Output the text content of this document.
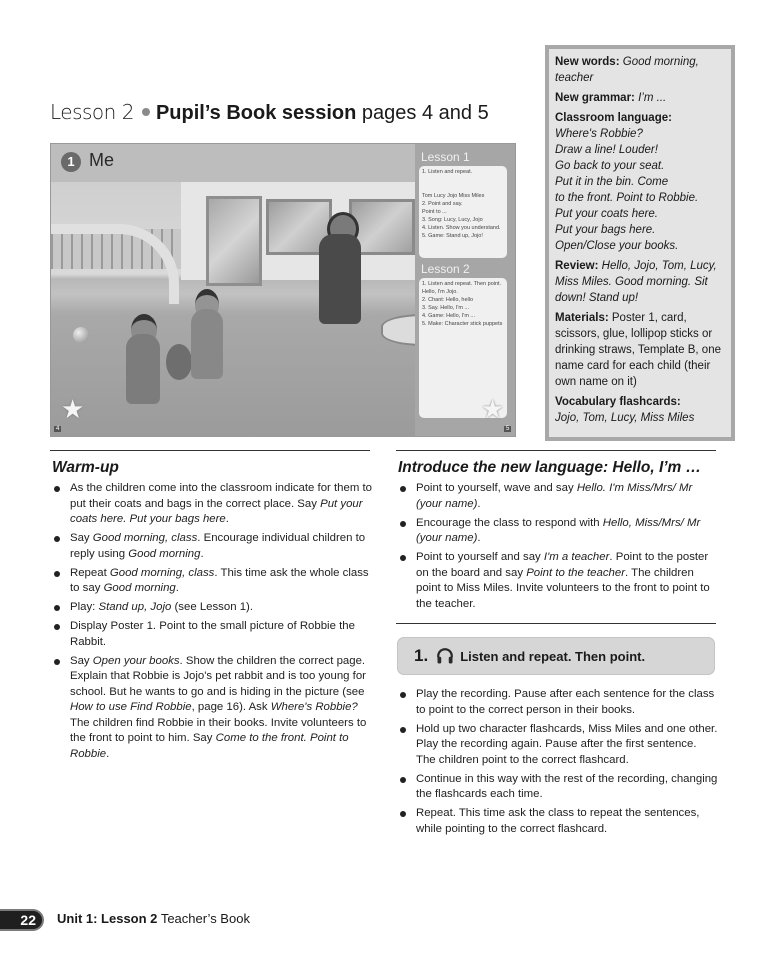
Lesson 2 Pupil’s Book session pages 4 and 5
New words: Good morning, teacher
New grammar: I’m ...
Classroom language:
Where's Robbie?
Draw a line! Louder!
Go back to your seat.
Put it in the bin. Come
to the front. Point to Robbie.
Put your coats here.
Put your bags here.
Open/Close your books.
Review: Hello, Jojo, Tom, Lucy, Miss Miles. Good morning. Sit down! Stand up!
Materials: Poster 1, card, scissors, glue, lollipop sticks or drinking straws, Template B, one name card for each child (their own name on it)
Vocabulary flashcards:
Jojo, Tom, Lucy, Miss Miles
1 Me
★
4
Lesson 1
1. Listen and repeat.
Tom Lucy Jojo Miss Miles
2. Point and say.
Point to ...
3. Song: Lucy, Lucy, Jojo
4. Listen. Show you understand.
5. Game: Stand up, Jojo!
Lesson 2
1. Listen and repeat. Then point.
Hello, I'm Jojo.
2. Chant: Hello, hello
3. Say. Hello, I'm ...
4. Game: Hello, I'm ...
5. Make: Character stick puppets
★
5
Warm-up
As the children come into the classroom indicate for them to put their coats and bags in the correct place. Say Put your coats here. Put your bags here.
Say Good morning, class. Encourage individual children to reply using Good morning.
Repeat Good morning, class. This time ask the whole class to say Good morning.
Play: Stand up, Jojo (see Lesson 1).
Display Poster 1. Point to the small picture of Robbie the Rabbit.
Say Open your books. Show the children the correct page. Explain that Robbie is Jojo's pet rabbit and is too young for school. But he wants to go and is hiding in the picture (see How to use Find Robbie, page 16). Ask Where's Robbie? The children find Robbie in their books. Invite volunteers to the front to point to him. Say Come to the front. Point to Robbie.
Introduce the new language: Hello, I’m …
Point to yourself, wave and say Hello. I'm Miss/Mrs/ Mr (your name).
Encourage the class to respond with Hello, Miss/Mrs/ Mr (your name).
Point to yourself and say I'm a teacher. Point to the poster on the board and say Point to the teacher. The children point to Miss Miles. Invite volunteers to the front to point to the teacher.
1. Listen and repeat. Then point.
Play the recording. Pause after each sentence for the class to point to the correct person in their books.
Hold up two character flashcards, Miss Miles and one other. Play the recording again. Pause after the first sentence. The children point to the correct flashcard.
Continue in this way with the rest of the recording, changing the flashcards each time.
Repeat. This time ask the class to repeat the sentences, while pointing to the correct flashcard.
22	Unit 1: Lesson 2 Teacher’s Book
